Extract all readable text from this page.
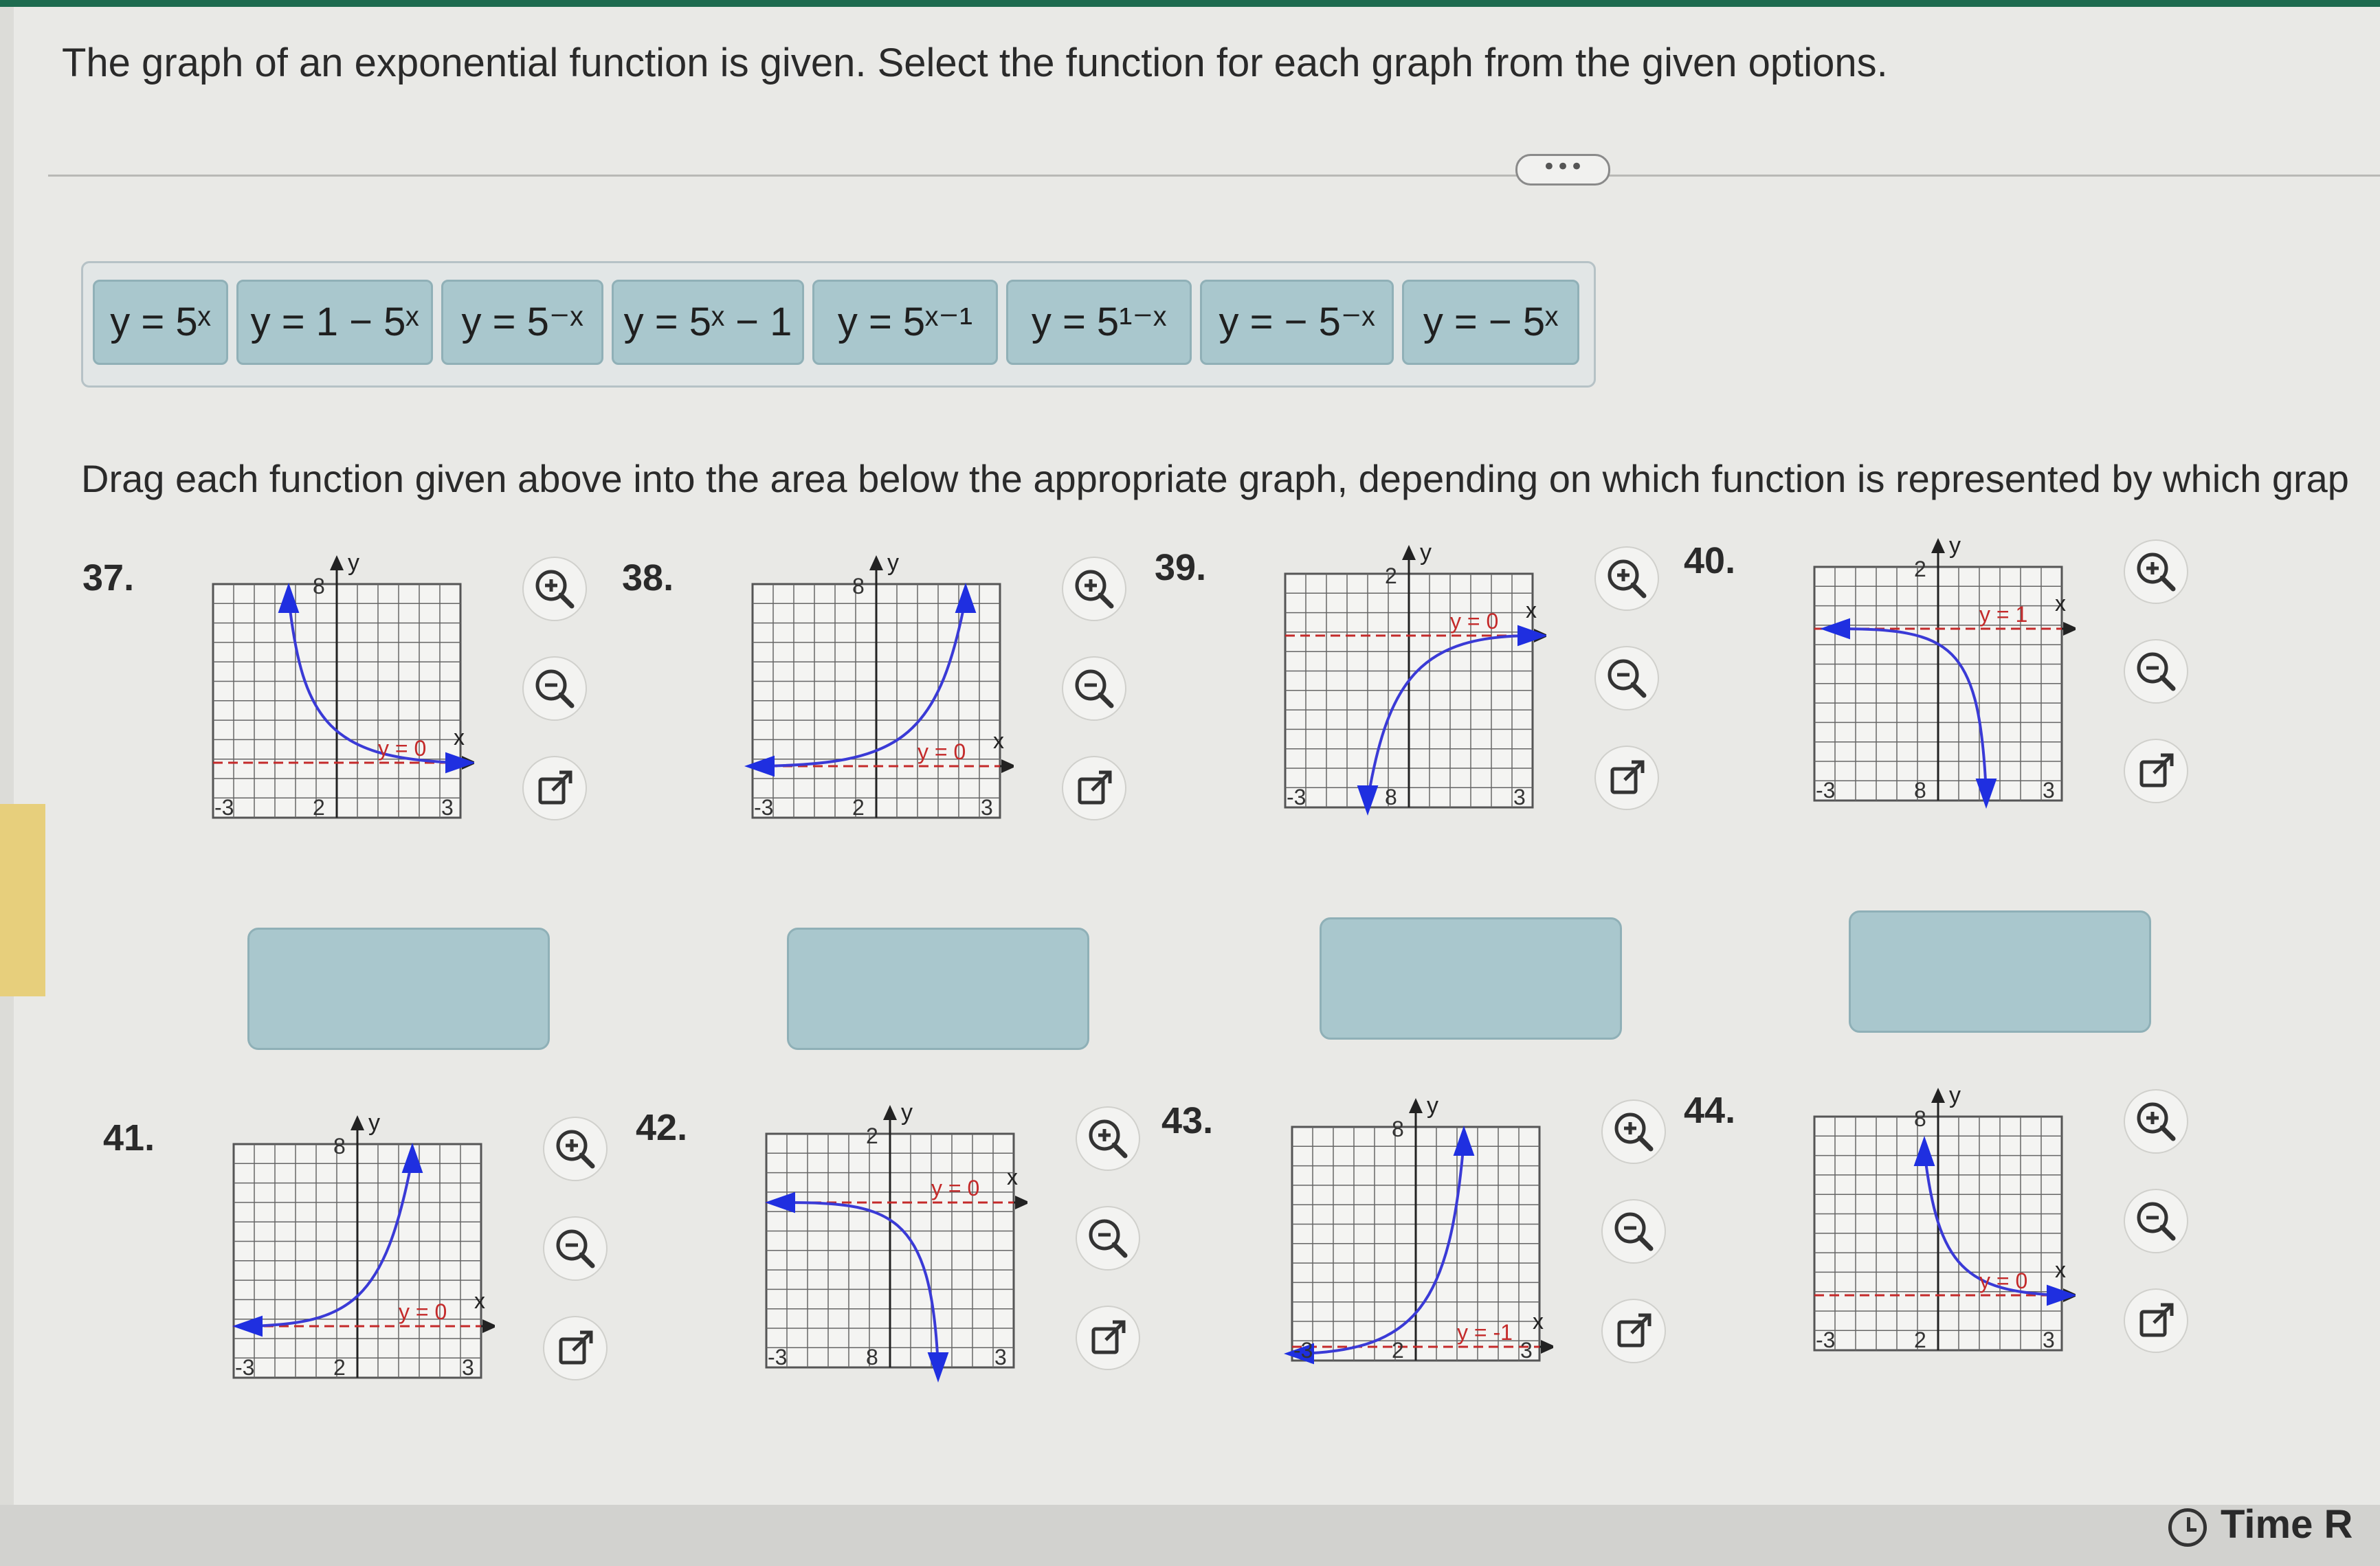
The graph of an exponential function is given. Select the function for each graph from the given options.
•••
y = 5ˣ y = 1 − 5ˣ	y = 5⁻ˣ	y = 5ˣ − 1	y = 5ˣ⁻¹	y = 5¹⁻ˣ	y = − 5⁻ˣ	y = − 5ˣ
Drag each function given above into the area below the appropriate graph, depending on which function is represented by which grap
37.	y
x
8
2
-3	3
y = 0
38.	y
x
8
2
-3	3
y = 0
39.	y
x
2
8
-3	3
y = 0
40.	y
x
2
8
-3	3
y = 1
41.	y
x
8
2
-3	3
y = 0
42.	y
x
2
8
-3	3
y = 0
43.	y
x
8
2
-3	3
y = -1
44.	y
x
8
2
-3	3
y = 0
Time R
